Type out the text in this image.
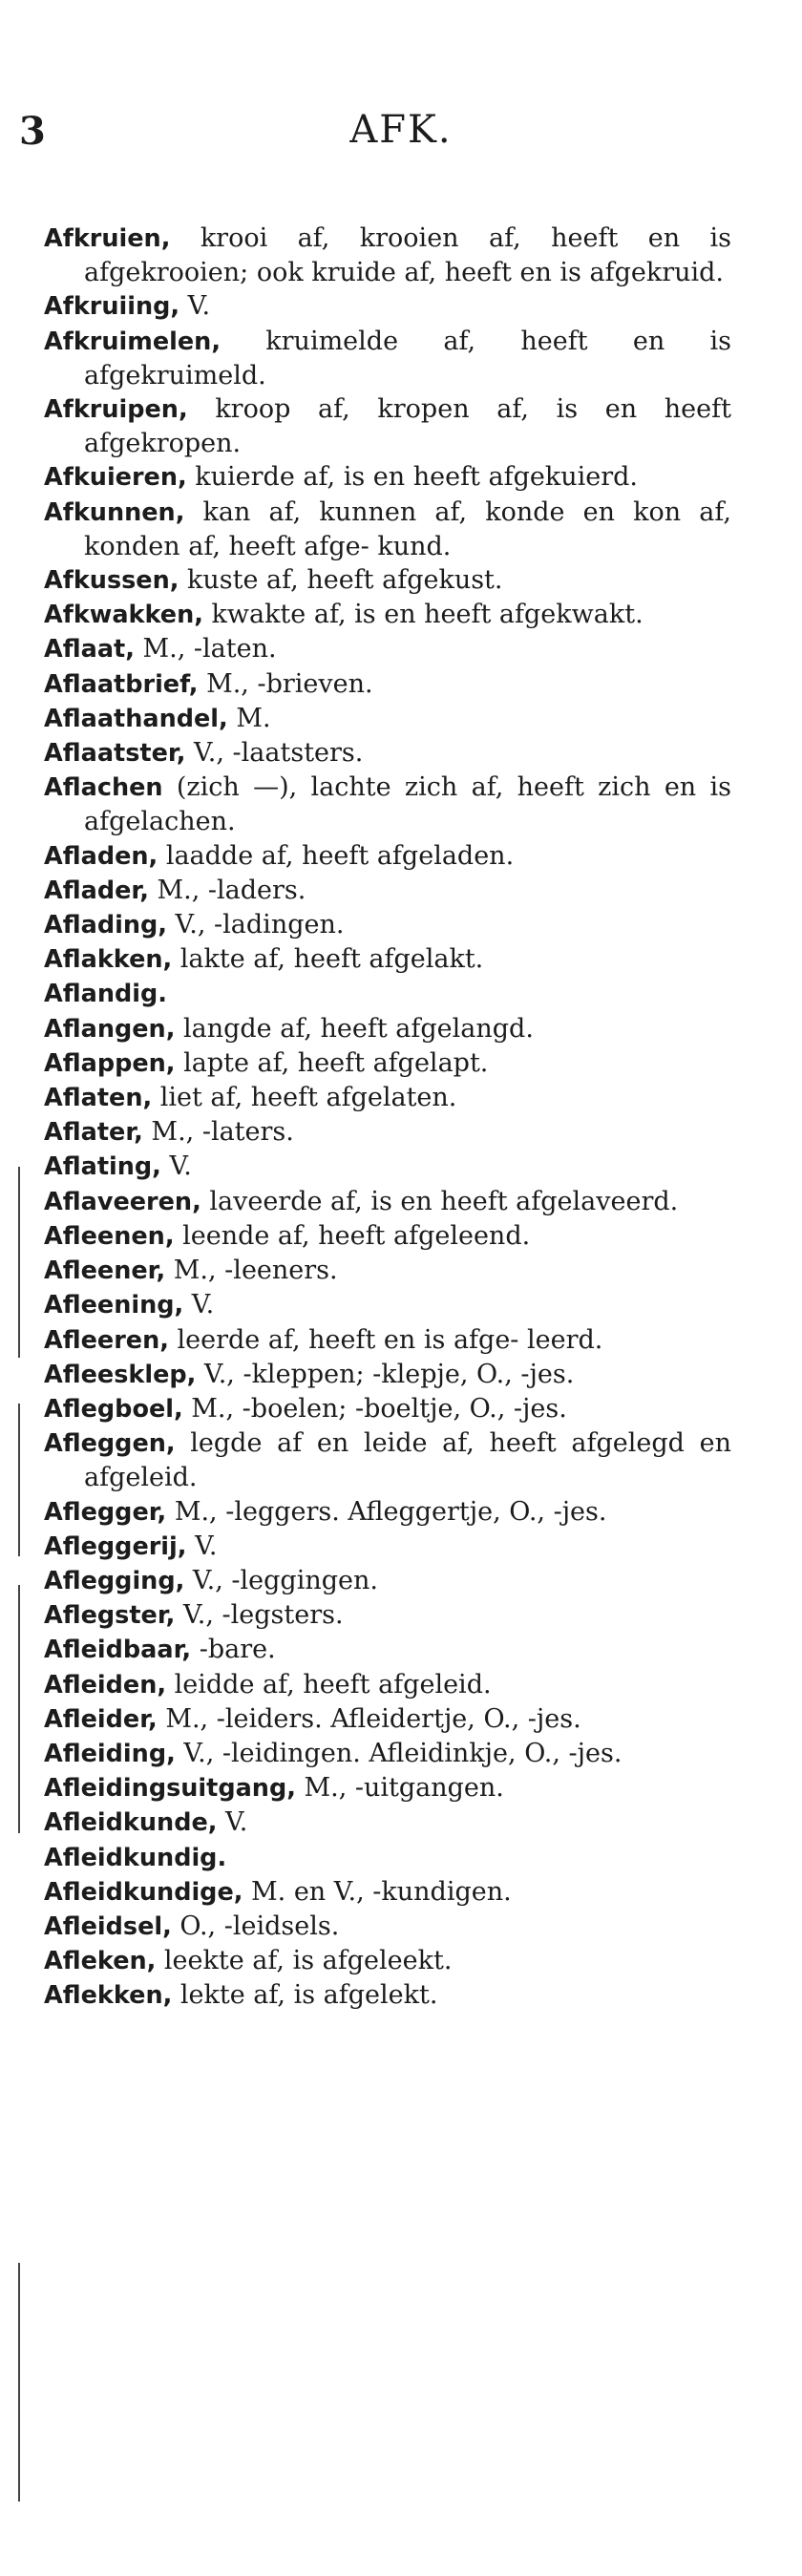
3	AFK.
Afkruien, krooi af, krooien af, heeft en is afgekrooien; ook kruide af, heeft en is afgekruid.
Afkruiing, V.
Afkruimelen, kruimelde af, heeft en is afgekruimeld.
Afkruipen, kroop af, kropen af, is en heeft afgekropen.
Afkuieren, kuierde af, is en heeft afgekuierd.
Afkunnen, kan af, kunnen af, konde en kon af, konden af, heeft afge- kund.
Afkussen, kuste af, heeft afgekust.
Afkwakken, kwakte af, is en heeft afgekwakt.
Aflaat, M., -laten.
Aflaatbrief, M., -brieven.
Aflaathandel, M.
Aflaatster, V., -laatsters.
Aflachen (zich —), lachte zich af, heeft zich en is afgelachen.
Afladen, laadde af, heeft afgeladen.
Aflader, M., -laders.
Aflading, V., -ladingen.
Aflakken, lakte af, heeft afgelakt.
Aflandig.
Aflangen, langde af, heeft afgelangd.
Aflappen, lapte af, heeft afgelapt.
Aflaten, liet af, heeft afgelaten.
Aflater, M., -laters.
Aflating, V.
Aflaveeren, laveerde af, is en heeft afgelaveerd.
Afleenen, leende af, heeft afgeleend.
Afleener, M., -leeners.
Afleening, V.
Afleeren, leerde af, heeft en is afge- leerd.
Afleesklep, V., -kleppen; -klepje, O., -jes.
Aflegboel, M., -boelen; -boeltje, O., -jes.
Afleggen, legde af en leide af, heeft afgelegd en afgeleid.
Aflegger, M., -leggers. Afleggertje, O., -jes.
Afleggerij, V.
Aflegging, V., -leggingen.
Aflegster, V., -legsters.
Afleidbaar, -bare.
Afleiden, leidde af, heeft afgeleid.
Afleider, M., -leiders. Afleidertje, O., -jes.
Afleiding, V., -leidingen. Afleidinkje, O., -jes.
Afleidingsuitgang, M., -uitgangen.
Afleidkunde, V.
Afleidkundig.
Afleidkundige, M. en V., -kundigen.
Afleidsel, O., -leidsels.
Afleken, leekte af, is afgeleekt.
Aflekken, lekte af, is afgelekt.
